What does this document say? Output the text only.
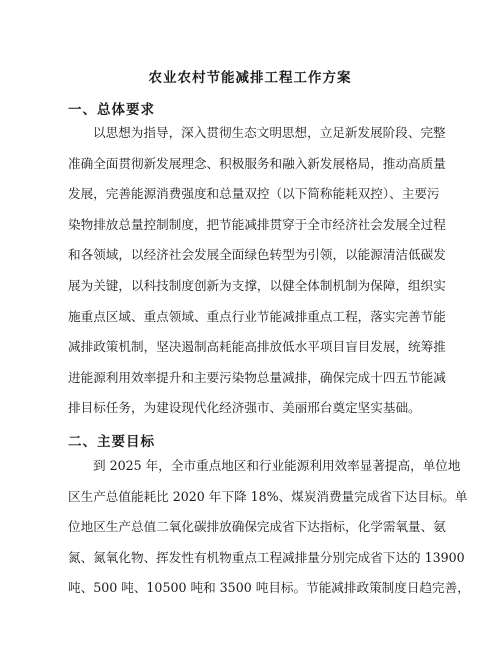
农业农村节能减排工程工作方案
一、总体要求
以思想为指导，深入贯彻生态文明思想，立足新发展阶段、完整
准确全面贯彻新发展理念、积极服务和融入新发展格局，推动高质量
发展，完善能源消费强度和总量双控（以下简称能耗双控）、主要污
染物排放总量控制制度，把节能减排贯穿于全市经济社会发展全过程
和各领域，以经济社会发展全面绿色转型为引领，以能源清洁低碳发
展为关键，以科技制度创新为支撑，以健全体制机制为保障，组织实
施重点区域、重点领域、重点行业节能减排重点工程，落实完善节能
减排政策机制，坚决遏制高耗能高排放低水平项目盲目发展，统筹推
进能源利用效率提升和主要污染物总量减排，确保完成十四五节能减
排目标任务，为建设现代化经济强市、美丽邢台奠定坚实基础。
二、主要目标
到 2025 年，全市重点地区和行业能源利用效率显著提高，单位地
区生产总值能耗比 2020 年下降 18%、煤炭消费量完成省下达目标。单
位地区生产总值二氧化碳排放确保完成省下达指标，化学需氧量、氨
氮、氮氧化物、挥发性有机物重点工程减排量分别完成省下达的 13900
吨、500 吨、10500 吨和 3500 吨目标。节能减排政策制度日趋完善，
